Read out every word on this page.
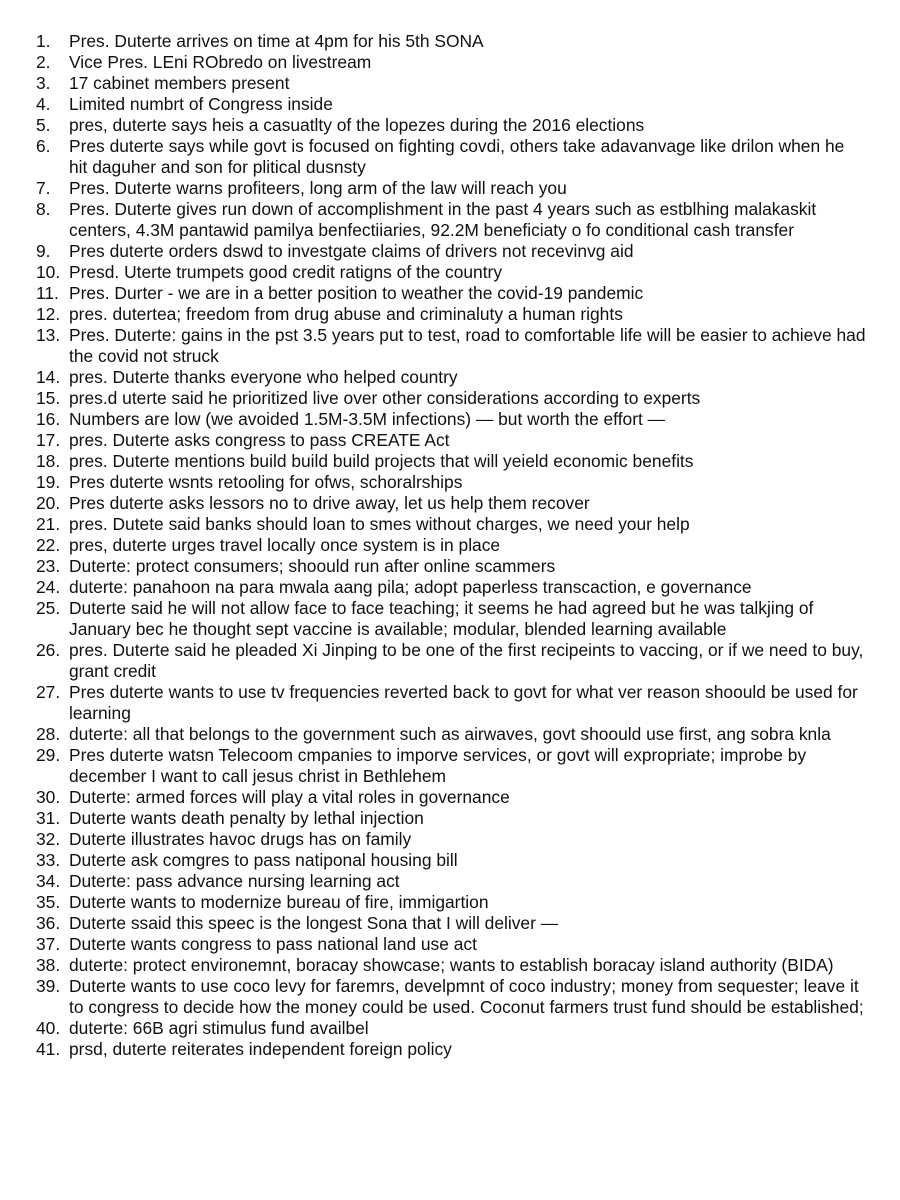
1.	Pres. Duterte arrives on time at 4pm for his 5th SONA
2.	Vice Pres. LEni RObredo on livestream
3.	17 cabinet members present
4.	Limited numbrt of Congress inside
5.	pres, duterte says heis a casuatlty of the lopezes during the 2016 elections
6.	Pres duterte says while govt is focused on fighting covdi, others take adavanvage like drilon when he hit daguher and son for plitical dusnsty
7.	Pres. Duterte warns profiteers, long arm of the law will reach you
8.	Pres. Duterte gives run down of accomplishment in the past 4 years such as estblhing malakaskit centers, 4.3M pantawid pamilya benfectiiaries, 92.2M beneficiaty o fo conditional cash transfer
9.	Pres duterte orders dswd to investgate claims of drivers not recevinvg aid
10. Presd. Uterte trumpets good credit ratigns of the country
11. Pres. Durter - we are in a better position to weather the covid-19 pandemic
12. pres. dutertea; freedom from drug abuse and criminaluty a human rights
13. Pres. Duterte: gains in the pst 3.5 years put to test, road to comfortable life will be easier to achieve had the covid not struck
14. pres. Duterte thanks everyone who helped country
15. pres.d uterte said he prioritized live over other considerations according to experts
16. Numbers are low (we avoided 1.5M-3.5M infections) — but worth the effort —
17. pres. Duterte asks congress to pass CREATE Act
18. pres. Duterte mentions build build build projects that will yeield economic benefits
19. Pres duterte wsnts retooling for ofws, schoralrships
20. Pres duterte asks lessors no to drive away, let us help them recover
21. pres. Dutete said banks should loan to smes without charges, we need your help
22. pres, duterte urges travel locally once system is in place
23. Duterte: protect consumers; shoould run after online scammers
24. duterte: panahoon na para mwala aang pila; adopt paperless transcaction, e governance
25. Duterte said he will not allow face to face teaching; it seems he had agreed but he was talkjing of January bec he thought sept vaccine is available; modular, blended learning available
26. pres. Duterte said he pleaded Xi Jinping to be one of the first recipeints to vaccing, or if we need to buy, grant credit
27. Pres duterte wants to use tv frequencies reverted back to govt for what ver reason shoould be used for learning
28. duterte: all that belongs to the government such as airwaves, govt shoould use first, ang sobra knla
29. Pres duterte watsn Telecoom cmpanies to imporve services, or govt will expropriate; improbe by december I want to call jesus christ in Bethlehem
30. Duterte: armed forces will play a vital roles in governance
31. Duterte wants death penalty by lethal injection
32. Duterte illustrates havoc drugs has on family
33. Duterte ask comgres to pass natiponal housing bill
34. Duterte: pass advance nursing learning act
35. Duterte wants to modernize bureau of fire, immigartion
36. Duterte ssaid this speec is the longest Sona that I will deliver —
37. Duterte wants congress to pass national land use act
38. duterte: protect environemnt, boracay showcase; wants to establish boracay island authority (BIDA)
39. Duterte wants to use coco levy for faremrs, develpmnt of coco industry; money from sequester; leave it to congress to decide how the money could be used. Coconut farmers trust fund should be established;
40. duterte: 66B agri stimulus fund availbel
41. prsd, duterte reiterates independent foreign policy
